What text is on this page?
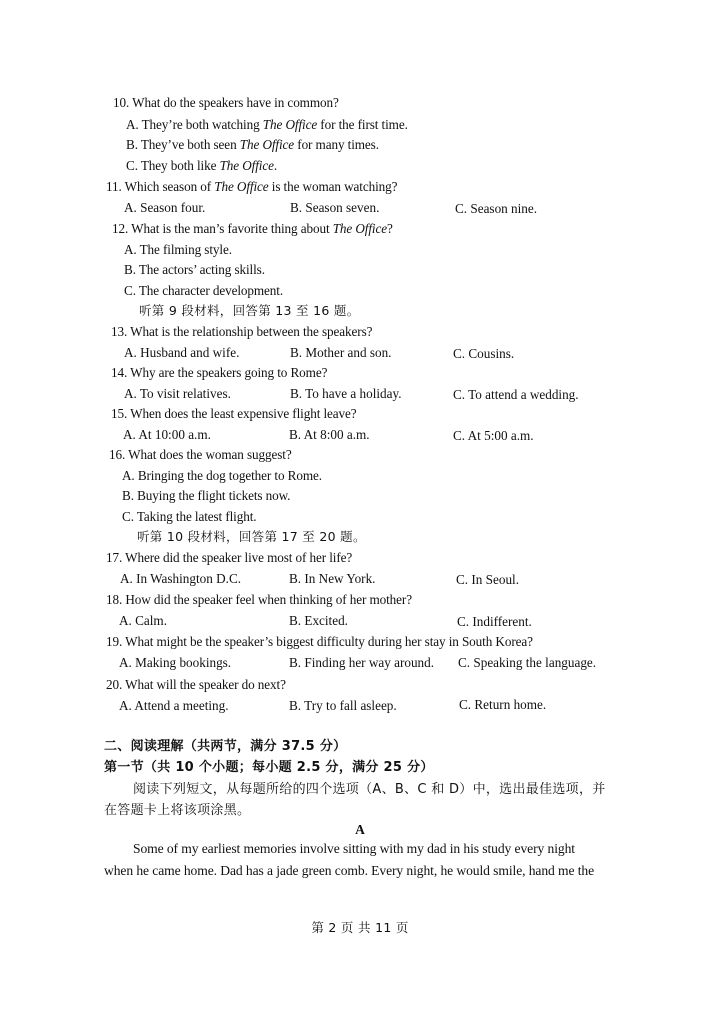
10. What do the speakers have in common?
A. They’re both watching The Office for the first time.
B. They’ve both seen The Office for many times.
C. They both like The Office.
11. Which season of The Office is the woman watching?
A. Season four.	B. Season seven.	C. Season nine.
12. What is the man’s favorite thing about The Office?
A. The filming style.
B. The actors’ acting skills.
C. The character development.
听第 9 段材料，回答第 13 至 16 题。
13. What is the relationship between the speakers?
A. Husband and wife.	B. Mother and son.	C. Cousins.
14. Why are the speakers going to Rome?
A. To visit relatives.	B. To have a holiday.	C. To attend a wedding.
15. When does the least expensive flight leave?
A. At 10:00 a.m.	B. At 8:00 a.m.	C. At 5:00 a.m.
16. What does the woman suggest?
A. Bringing the dog together to Rome.
B. Buying the flight tickets now.
C. Taking the latest flight.
听第 10 段材料，回答第 17 至 20 题。
17. Where did the speaker live most of her life?
A. In Washington D.C.	B. In New York.	C. In Seoul.
18. How did the speaker feel when thinking of her mother?
A. Calm.	B. Excited.	C. Indifferent.
19. What might be the speaker’s biggest difficulty during her stay in South Korea?
A. Making bookings.	B. Finding her way around. C. Speaking the language.
20. What will the speaker do next?
A. Attend a meeting.	B. Try to fall asleep.	C. Return home.
二、阅读理解（共两节，满分 37.5 分）
第一节（共 10 个小题；每小题 2.5 分，满分 25 分）
阅读下列短文，从每题所给的四个选项（A、B、C 和 D）中，选出最佳选项，并
在答题卡上将该项涂黑。
A
Some of my earliest memories involve sitting with my dad in his study every night
when he came home. Dad has a jade green comb. Every night, he would smile, hand me the
第 2 页 共 11 页
